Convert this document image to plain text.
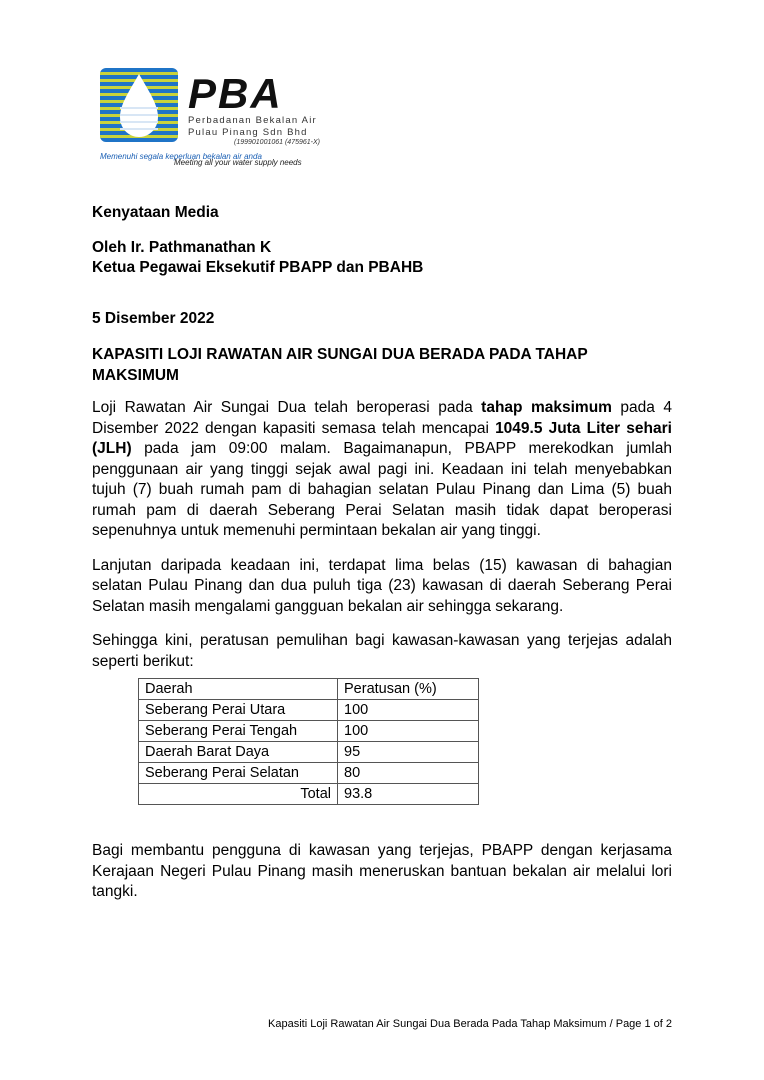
PBA
Perbadanan Bekalan Air
Pulau Pinang Sdn Bhd
(199901001061 (475961-X)
Memenuhi segala keperluan bekalan air anda
Meeting all your water supply needs
Kenyataan Media
Oleh Ir. Pathmanathan K
Ketua Pegawai Eksekutif PBAPP dan PBAHB
5 Disember 2022
KAPASITI LOJI RAWATAN AIR SUNGAI DUA BERADA PADA TAHAP MAKSIMUM

Loji Rawatan Air Sungai Dua telah beroperasi pada tahap maksimum pada 4 Disember 2022 dengan kapasiti semasa telah mencapai 1049.5 Juta Liter sehari (JLH) pada jam 09:00 malam. Bagaimanapun, PBAPP merekodkan jumlah penggunaan air yang tinggi sejak awal pagi ini. Keadaan ini telah menyebabkan tujuh (7) buah rumah pam di bahagian selatan Pulau Pinang dan Lima (5) buah rumah pam di daerah Seberang Perai Selatan masih tidak dapat beroperasi sepenuhnya untuk memenuhi permintaan bekalan air yang tinggi.

Lanjutan daripada keadaan ini, terdapat lima belas (15) kawasan di bahagian selatan Pulau Pinang dan dua puluh tiga (23) kawasan di daerah Seberang Perai Selatan masih mengalami gangguan bekalan air sehingga sekarang.

Sehingga kini, peratusan pemulihan bagi kawasan-kawasan yang terjejas adalah seperti berikut:

Daerah	Peratusan (%)
Seberang Perai Utara	100
Seberang Perai Tengah	100
Daerah Barat Daya	95
Seberang Perai Selatan	80
Total	93.8

Bagi membantu pengguna di kawasan yang terjejas, PBAPP dengan kerjasama Kerajaan Negeri Pulau Pinang masih meneruskan bantuan bekalan air melalui lori tangki.

Kapasiti Loji Rawatan Air Sungai Dua Berada Pada Tahap Maksimum / Page 1 of 2
